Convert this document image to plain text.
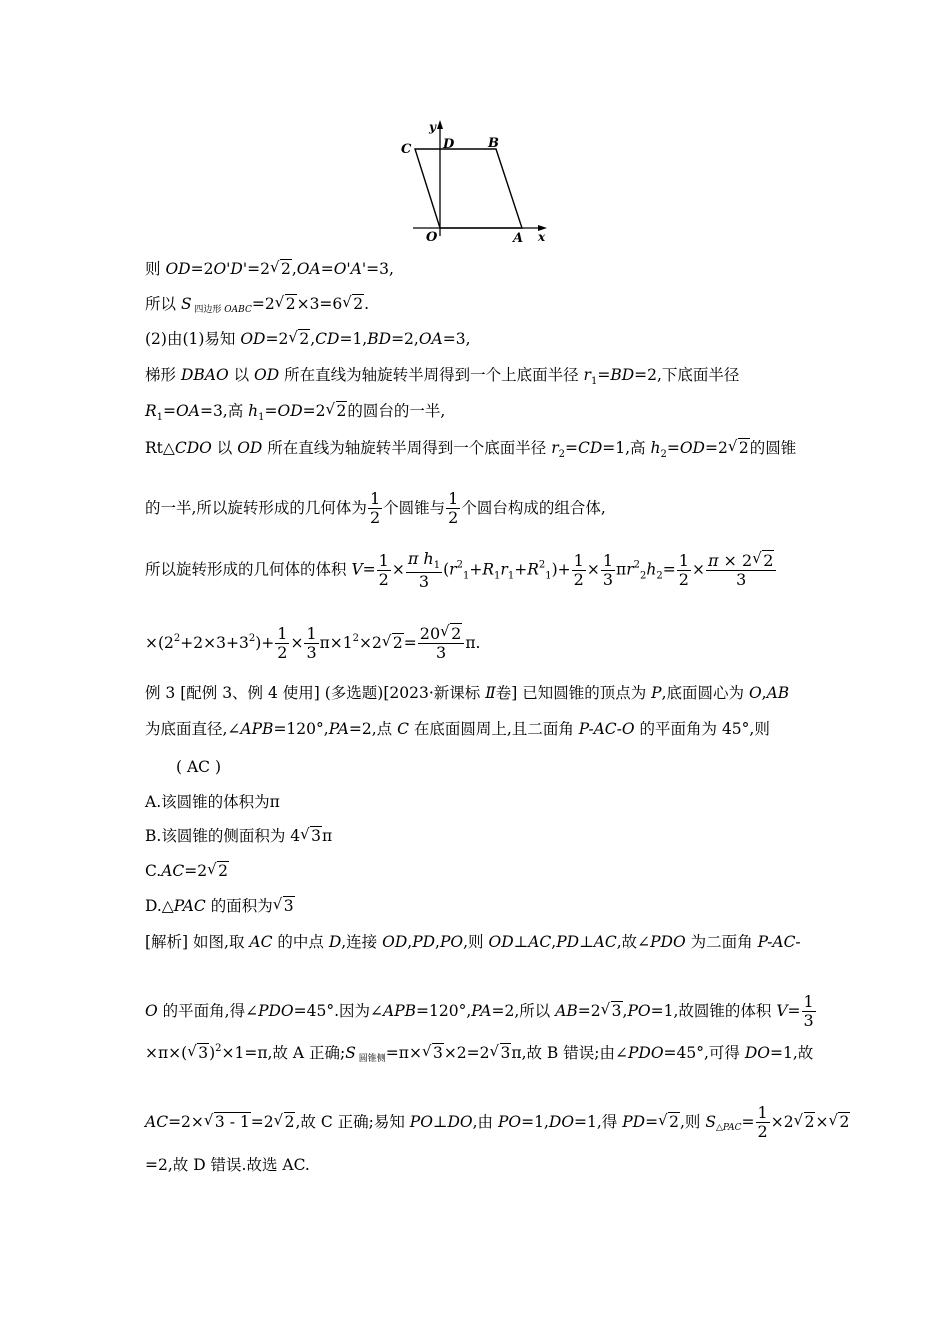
y
C D	B
O	A x
则 OD=2O'D'=2 √ 2,OA=O'A'=3,
所以 S 四边形 OABC=2 √ 2×3=6 √ 2.
(2)由(1)易知 OD=2 √ 2,CD=1,BD=2,OA=3,
梯形 DBAO 以 OD 所在直线为轴旋转半周得到一个上底面半径 $r_1=BD=2$,下底面半径
$R_1=OA=3$,高 $h_1=OD=2$ √ 2的圆台的一半,
Rt△CDO 以 OD 所在直线为轴旋转半周得到一个底面半径 $r_2=CD=1$,高 $h_2=OD=2$ √ 2的圆锥
的一半,所以旋转形成的几何体为 $\frac{1}{2}$ 个圆锥与 $\frac{1}{2}$ 个圆台构成的组合体,
所以旋转形成的几何体的体积 $V= \frac{1}{2} \times \frac{\pi h_1}{3} (r^2_1+R_1r_1+R^2_1)+ \frac{1}{2} \times \frac{1}{3} \pi r^2_2h_2= \frac{1}{2} \times \frac{\pi \times 2 √ 2}{3}$
$\times(2^2+2\times 3+3^2)+ \frac{1}{2} \times \frac{1}{3} \pi\times 1^2\times 2$ √ $2= \frac{20 √ 2}{3} \pi$.
例 3 [配例 3、例 4 使用] (多选题)[2023·新课标 Ⅱ卷] 已知圆锥的顶点为 P,底面圆心为 O,AB
为底面直径,∠APB=120°,PA=2,点 C 在底面圆周上,且二面角 P-AC-O 的平面角为 45°,则
( AC )
A.该圆锥的体积为π
B.该圆锥的侧面积为 4 √ 3π
C.AC=2 √ 2
D.△PAC 的面积为 √ 3
[解析] 如图,取 AC 的中点 D,连接 OD,PD,PO,则 OD⊥AC,PD⊥AC,故∠PDO 为二面角 P-AC-
O 的平面角,得∠PDO=45°.因为∠APB=120°,PA=2,所以 AB=2 √ 3,PO=1,故圆锥的体积 $V= \frac{1}{3}$
×π×( √ 3)$^2$×1=π,故 A 正确;S 圆锥侧=π× √ 3×2=2 √ 3π,故 B 错误;由∠PDO=45°,可得 DO=1,故
AC=2× √ 3 - 1=2 √ 2,故 C 正确;易知 PO⊥DO,由 PO=1,DO=1,得 PD= √ 2,则 S△PAC= $\frac{1}{2} \times 2$ √ 2× √ 2
=2,故 D 错误.故选 AC.
